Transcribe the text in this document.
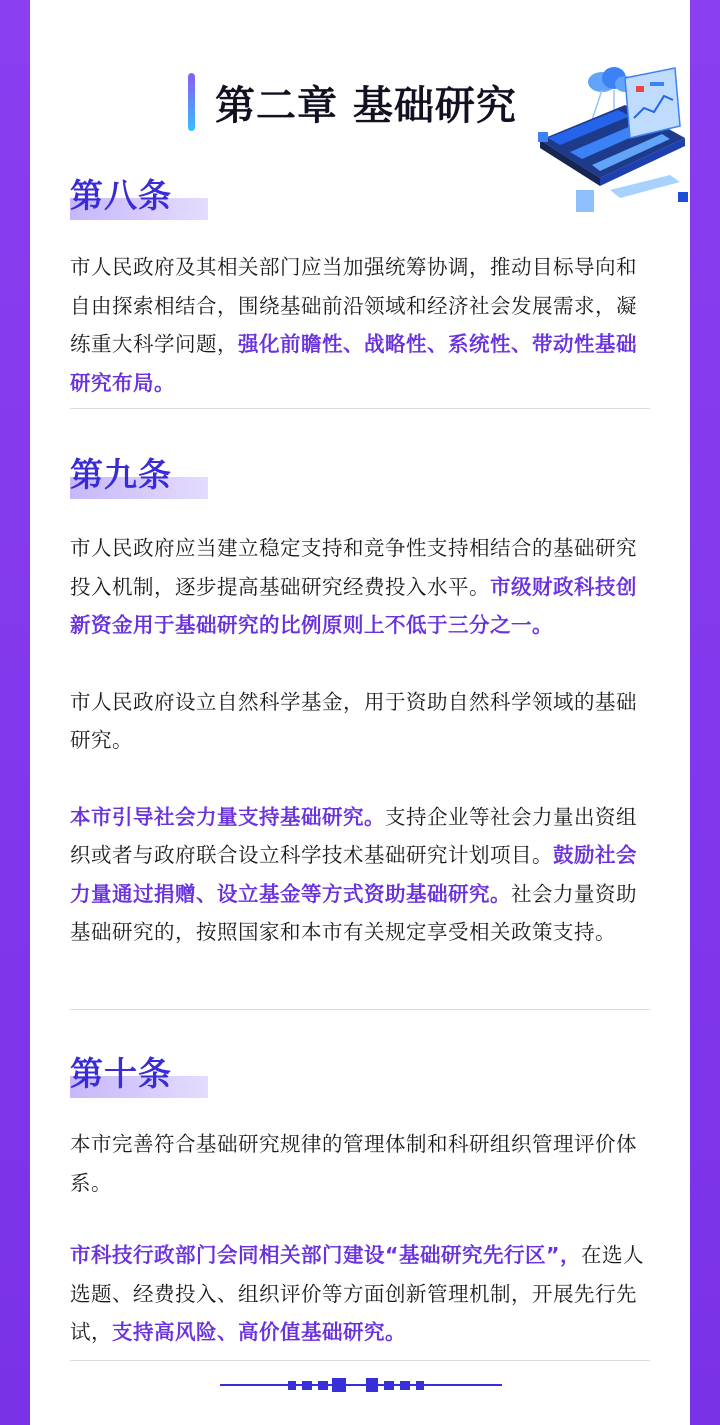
第二章 基础研究
第八条
市人民政府及其相关部门应当加强统筹协调，推动目标导向和自由探索相结合，围绕基础前沿领域和经济社会发展需求，凝练重大科学问题，强化前瞻性、战略性、系统性、带动性基础研究布局。
第九条
市人民政府应当建立稳定支持和竞争性支持相结合的基础研究投入机制，逐步提高基础研究经费投入水平。市级财政科技创新资金用于基础研究的比例原则上不低于三分之一。
市人民政府设立自然科学基金，用于资助自然科学领域的基础研究。
本市引导社会力量支持基础研究。支持企业等社会力量出资组织或者与政府联合设立科学技术基础研究计划项目。鼓励社会力量通过捐赠、设立基金等方式资助基础研究。社会力量资助基础研究的，按照国家和本市有关规定享受相关政策支持。
第十条
本市完善符合基础研究规律的管理体制和科研组织管理评价体系。
市科技行政部门会同相关部门建设“基础研究先行区”，在选人选题、经费投入、组织评价等方面创新管理机制，开展先行先试，支持高风险、高价值基础研究。
